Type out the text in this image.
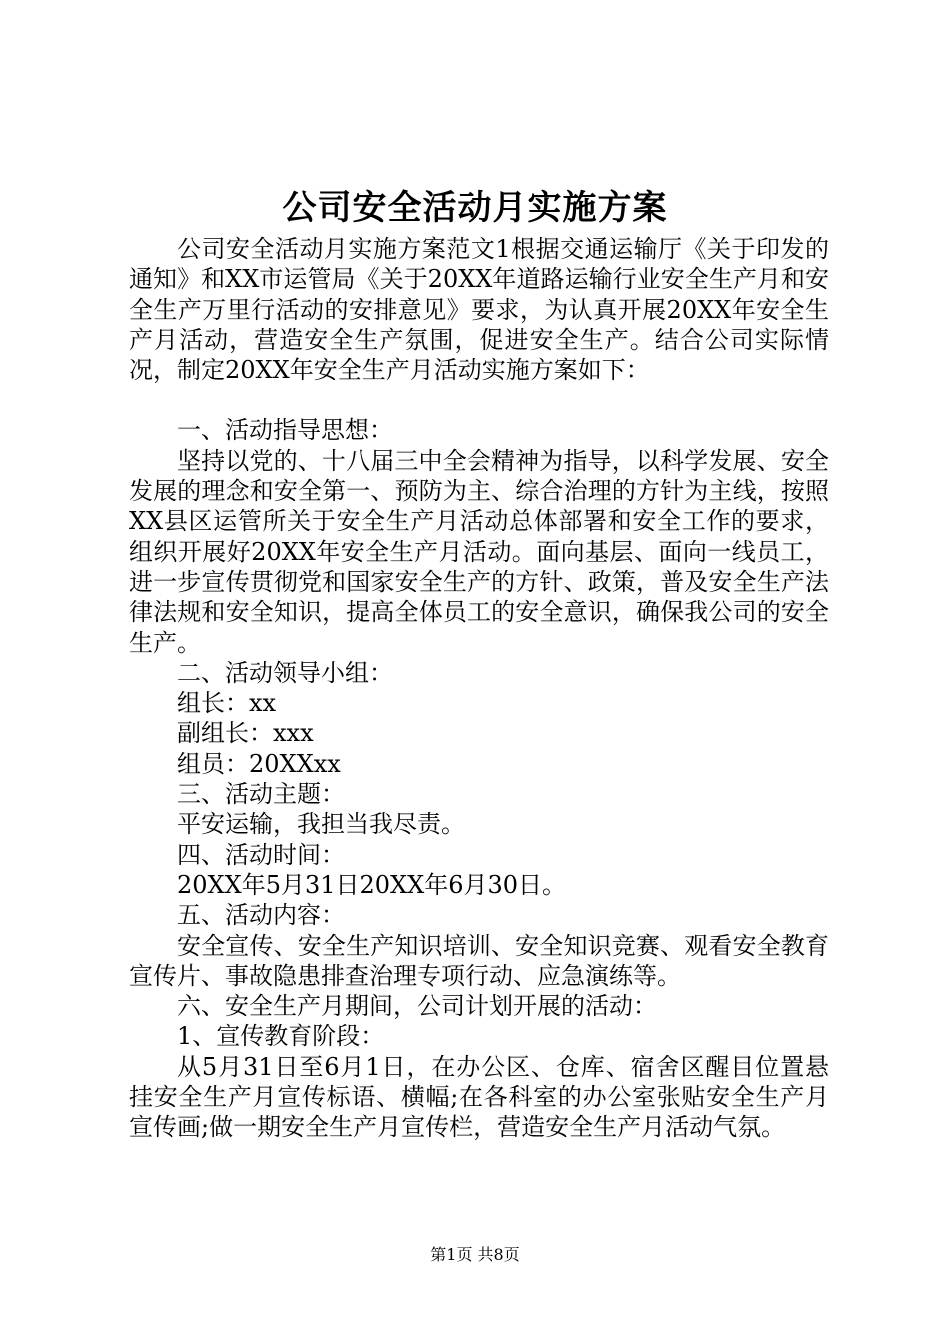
公司安全活动月实施方案

公司安全活动月实施方案范文1根据交通运输厅《关于印发的通知》和XX市运管局《关于20XX年道路运输行业安全生产月和安全生产万里行活动的安排意见》要求，为认真开展20XX年安全生产月活动，营造安全生产氛围，促进安全生产。结合公司实际情况，制定20XX年安全生产月活动实施方案如下：

一、活动指导思想：

坚持以党的、十八届三中全会精神为指导，以科学发展、安全发展的理念和安全第一、预防为主、综合治理的方针为主线，按照XX县区运管所关于安全生产月活动总体部署和安全工作的要求，组织开展好20XX年安全生产月活动。面向基层、面向一线员工，进一步宣传贯彻党和国家安全生产的方针、政策，普及安全生产法律法规和安全知识，提高全体员工的安全意识，确保我公司的安全生产。

二、活动领导小组：

组长：xx

副组长：xxx

组员：20XXxx

三、活动主题：

平安运输，我担当我尽责。

四、活动时间：

20XX年5月31日20XX年6月30日。

五、活动内容：

安全宣传、安全生产知识培训、安全知识竞赛、观看安全教育宣传片、事故隐患排查治理专项行动、应急演练等。

六、安全生产月期间，公司计划开展的活动：

1、宣传教育阶段：

从5月31日至6月1日，在办公区、仓库、宿舍区醒目位置悬挂安全生产月宣传标语、横幅;在各科室的办公室张贴安全生产月宣传画;做一期安全生产月宣传栏，营造安全生产月活动气氛。

第1页 共8页
